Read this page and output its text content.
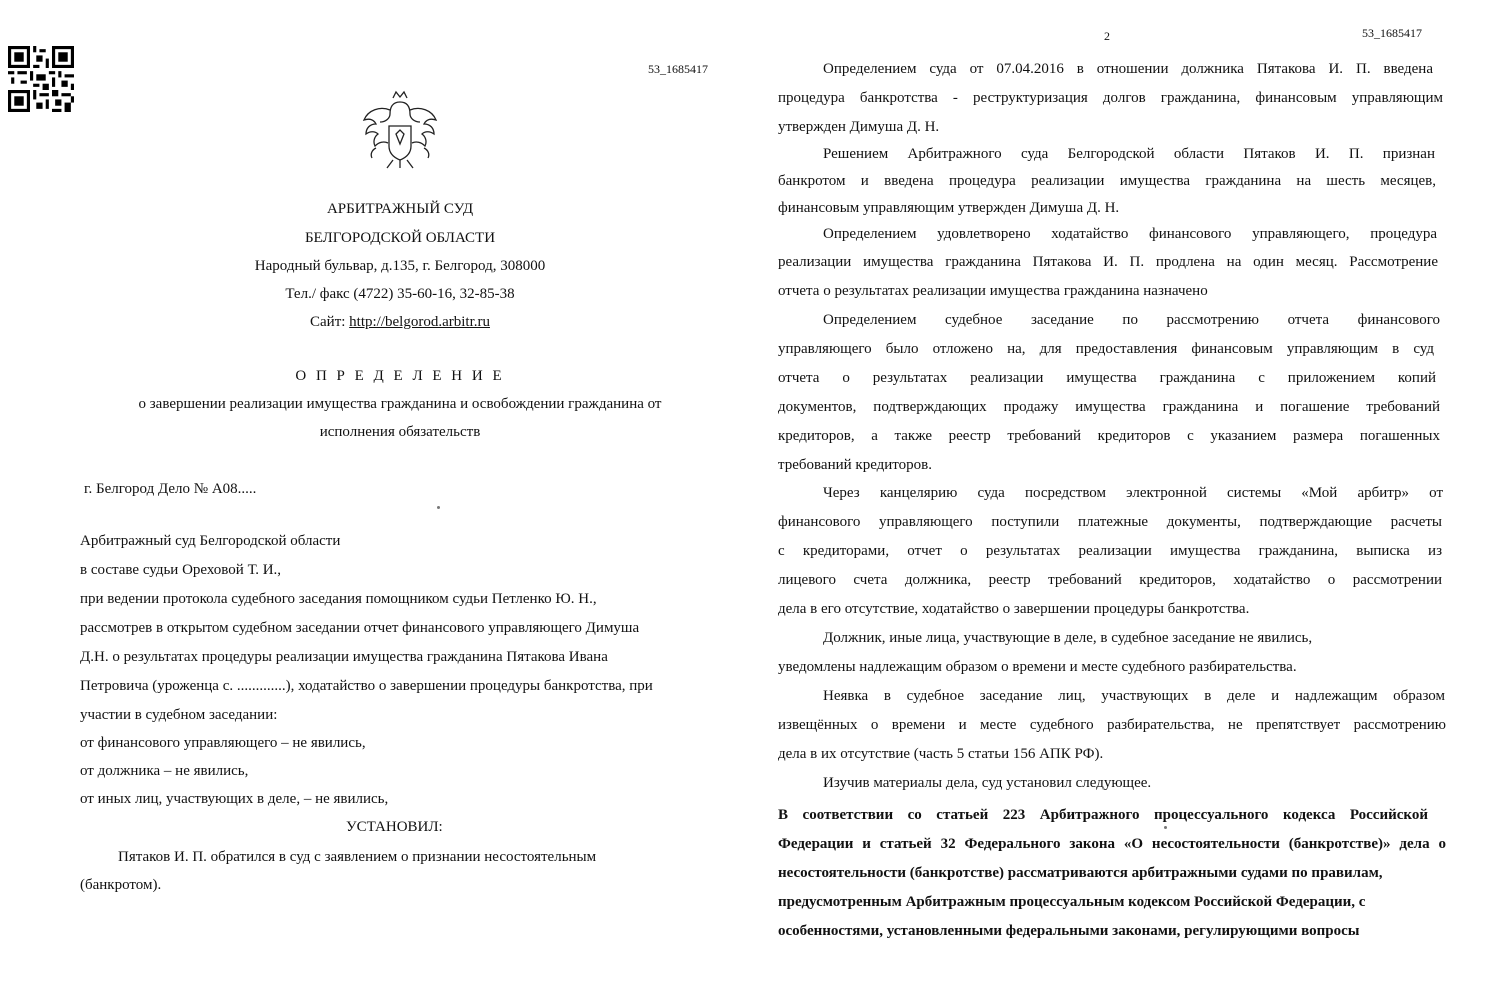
53_1685417
АРБИТРАЖНЫЙ СУД
БЕЛГОРОДСКОЙ ОБЛАСТИ
Народный бульвар, д.135, г. Белгород, 308000
Тел./ факс (4722) 35-60-16, 32-85-38
Сайт: http://belgorod.arbitr.ru
О П Р Е Д Е Л Е Н И Е
о завершении реализации имущества гражданина и освобождении гражданина от
исполнения обязательств
г. Белгород Дело № А08.....
Арбитражный суд Белгородской области
в составе судьи Ореховой Т. И.,
при ведении протокола судебного заседания помощником судьи Петленко Ю. Н.,
рассмотрев в открытом судебном заседании отчет финансового управляющего Димуша
Д.Н. о результатах процедуры реализации имущества гражданина Пятакова Ивана
Петровича (уроженца с. .............), ходатайство о завершении процедуры банкротства, при
участии в судебном заседании:
от финансового управляющего – не явились,
от должника – не явились,
от иных лиц, участвующих в деле, – не явились,
УСТАНОВИЛ:
Пятаков И. П. обратился в суд с заявлением о признании несостоятельным
(банкротом).
2	53_1685417
Определением суда от 07.04.2016 в отношении должника Пятакова И. П. введена
процедура банкротства - реструктуризация долгов гражданина, финансовым управляющим
утвержден Димуша Д. Н.
Решением Арбитражного суда Белгородской области Пятаков И. П. признан
банкротом и введена процедура реализации имущества гражданина на шесть месяцев,
финансовым управляющим утвержден Димуша Д. Н.
Определением удовлетворено ходатайство финансового управляющего, процедура
реализации имущества гражданина Пятакова И. П. продлена на один месяц. Рассмотрение
отчета о результатах реализации имущества гражданина назначено
Определением судебное заседание по рассмотрению отчета финансового
управляющего было отложено на, для предоставления финансовым управляющим в суд
отчета о результатах реализации имущества гражданина с приложением копий
документов, подтверждающих продажу имущества гражданина и погашение требований
кредиторов, а также реестр требований кредиторов с указанием размера погашенных
требований кредиторов.
Через канцелярию суда посредством электронной системы «Мой арбитр» от
финансового управляющего поступили платежные документы, подтверждающие расчеты
с кредиторами, отчет о результатах реализации имущества гражданина, выписка из
лицевого счета должника, реестр требований кредиторов, ходатайство о рассмотрении
дела в его отсутствие, ходатайство о завершении процедуры банкротства.
Должник, иные лица, участвующие в деле, в судебное заседание не явились,
уведомлены надлежащим образом о времени и месте судебного разбирательства.
Неявка в судебное заседание лиц, участвующих в деле и надлежащим образом
извещённых о времени и месте судебного разбирательства, не препятствует рассмотрению
дела в их отсутствие (часть 5 статьи 156 АПК РФ).
Изучив материалы дела, суд установил следующее.
В соответствии со статьей 223 Арбитражного процессуального кодекса Российской
Федерации и статьей 32 Федерального закона «О несостоятельности (банкротстве)» дела о
несостоятельности (банкротстве) рассматриваются арбитражными судами по правилам,
предусмотренным Арбитражным процессуальным кодексом Российской Федерации, с
особенностями, установленными федеральными законами, регулирующими вопросы
